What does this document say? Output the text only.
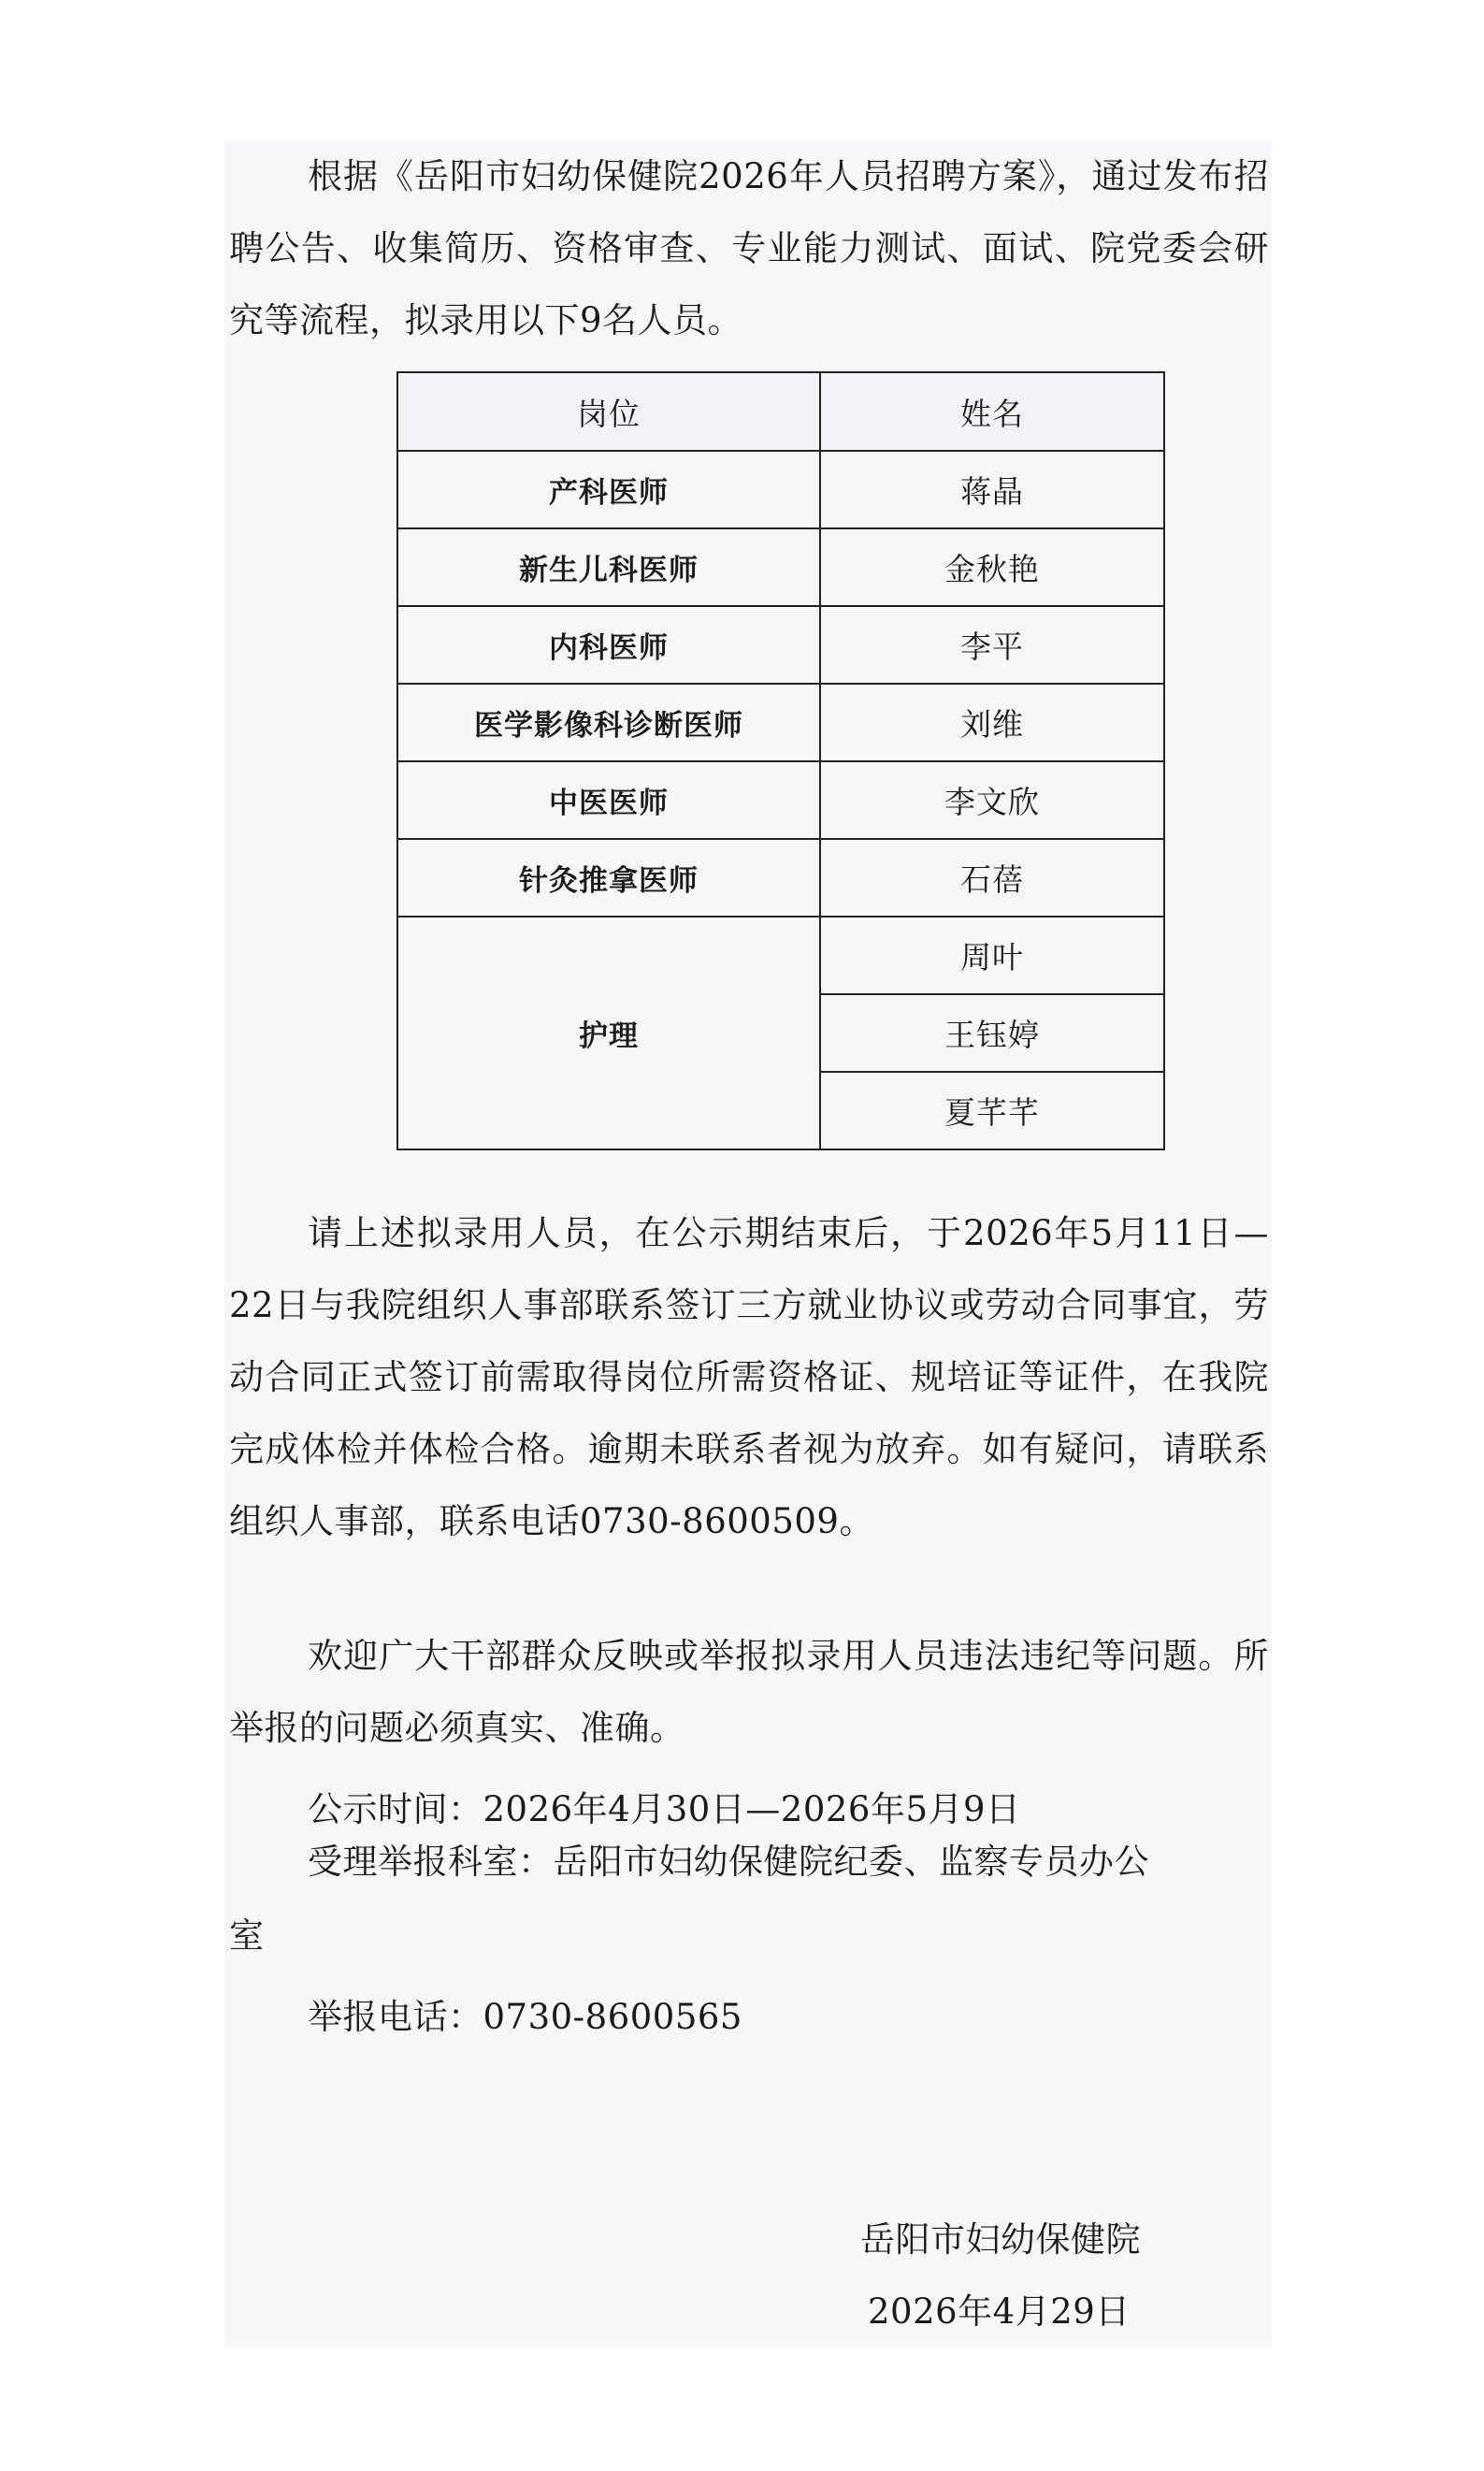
根据《岳阳市妇幼保健院2026年人员招聘方案》，通过发布招聘公告、收集简历、资格审查、专业能力测试、面试、院党委会研究等流程，拟录用以下9名人员。

岗位	姓名
产科医师	蒋晶
新生儿科医师	金秋艳
内科医师	李平
医学影像科诊断医师	刘维
中医医师	李文欣
针灸推拿医师	石蓓
护理	周叶
	王钰婷
	夏芊芊

请上述拟录用人员，在公示期结束后，于2026年5月11日—22日与我院组织人事部联系签订三方就业协议或劳动合同事宜，劳动合同正式签订前需取得岗位所需资格证、规培证等证件，在我院完成体检并体检合格。逾期未联系者视为放弃。如有疑问，请联系组织人事部，联系电话0730-8600509。

欢迎广大干部群众反映或举报拟录用人员违法违纪等问题。所举报的问题必须真实、准确。

公示时间：2026年4月30日—2026年5月9日

受理举报科室：岳阳市妇幼保健院纪委、监察专员办公

室

举报电话：0730-8600565

岳阳市妇幼保健院
2026年4月29日
